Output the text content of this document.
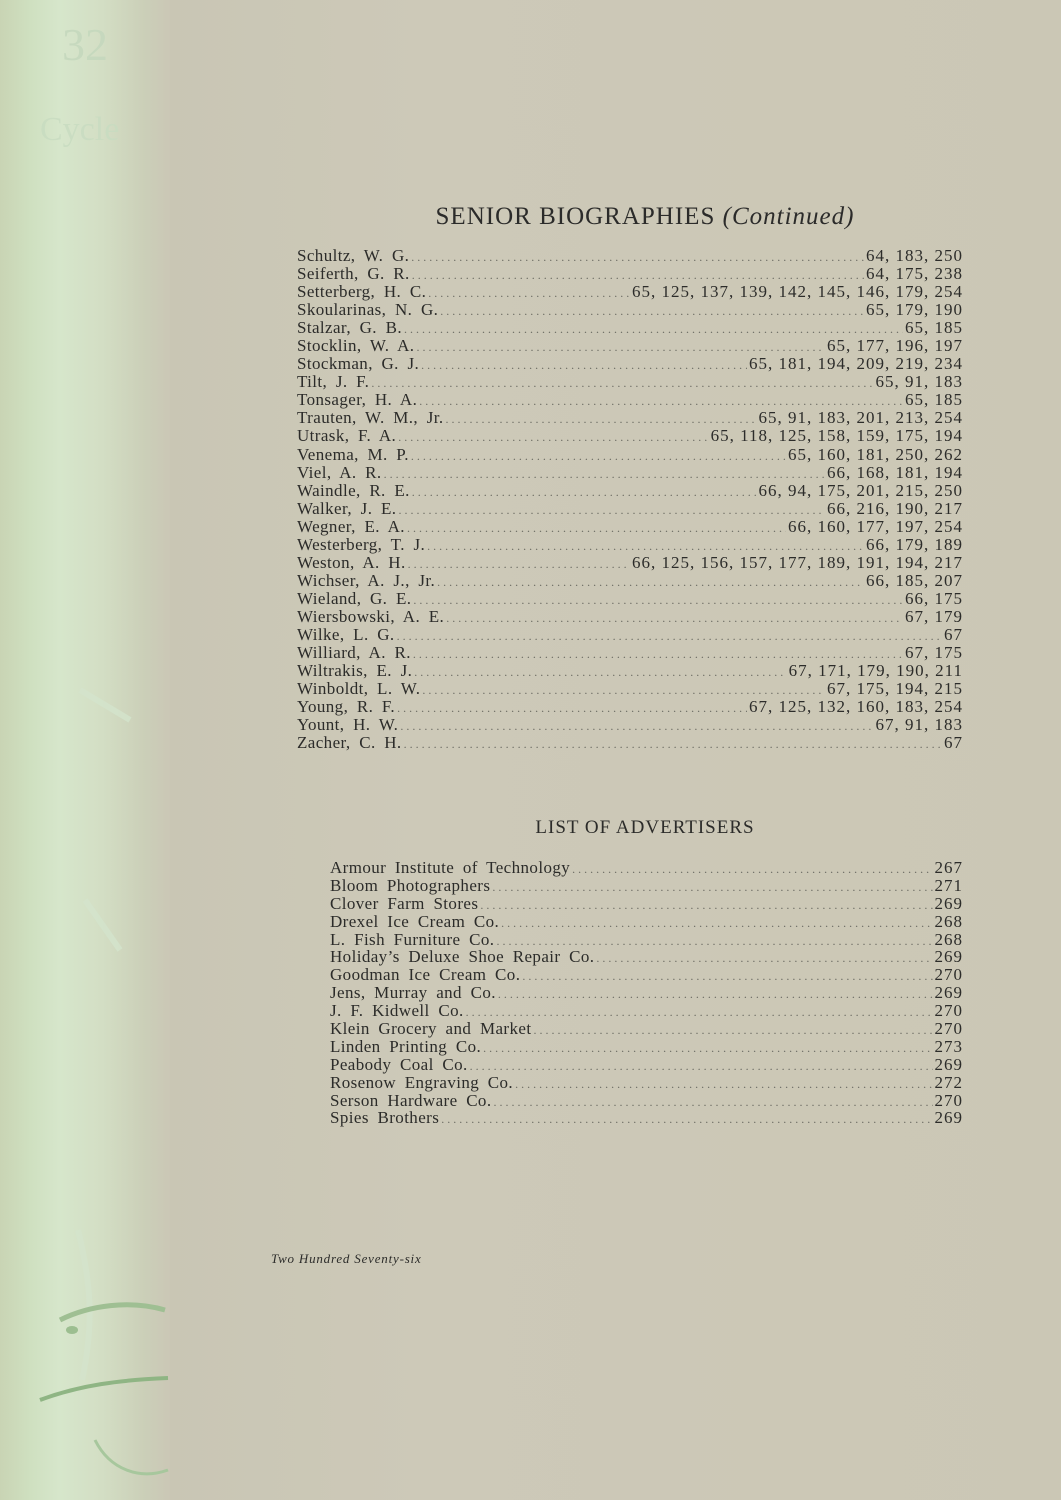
32
Cycle
SENIOR BIOGRAPHIES (Continued)
Schultz, W. G. . . .	64, 183, 250
Seiferth, G. R. . . .	64, 175, 238
Setterberg, H. C. . . .	65, 125, 137, 139, 142, 145, 146, 179, 254
Skoularinas, N. G. . . .	65, 179, 190
Stalzar, G. B. . . .	65, 185
Stocklin, W. A. . . .	65, 177, 196, 197
Stockman, G. J. . . .	65, 181, 194, 209, 219, 234
Tilt, J. F. . . .	65, 91, 183
Tonsager, H. A. . . .	65, 185
Trauten, W. M., Jr. . . .	65, 91, 183, 201, 213, 254
Utrask, F. A. . . .	65, 118, 125, 158, 159, 175, 194
Venema, M. P. . . .	65, 160, 181, 250, 262
Viel, A. R. . . .	66, 168, 181, 194
Waindle, R. E. . . .	66, 94, 175, 201, 215, 250
Walker, J. E. . . .	66, 216, 190, 217
Wegner, E. A. . . .	66, 160, 177, 197, 254
Westerberg, T. J. . . .	66, 179, 189
Weston, A. H. . . .	66, 125, 156, 157, 177, 189, 191, 194, 217
Wichser, A. J., Jr. . . .	66, 185, 207
Wieland, G. E. . . .	66, 175
Wiersbowski, A. E. . . .	67, 179
Wilke, L. G. . . .	67
Williard, A. R. . . .	67, 175
Wiltrakis, E. J. . . .	67, 171, 179, 190, 211
Winboldt, L. W. . . .	67, 175, 194, 215
Young, R. F. . . .	67, 125, 132, 160, 183, 254
Yount, H. W. . . .	67, 91, 183
Zacher, C. H. . . .	67
LIST OF ADVERTISERS
Armour Institute of Technology . . .	267
Bloom Photographers . . .	271
Clover Farm Stores . . .	269
Drexel Ice Cream Co. . . .	268
L. Fish Furniture Co. . . .	268
Holiday’s Deluxe Shoe Repair Co. . . .	269
Goodman Ice Cream Co. . . .	270
Jens, Murray and Co. . . .	269
J. F. Kidwell Co. . . .	270
Klein Grocery and Market . . .	270
Linden Printing Co. . . .	273
Peabody Coal Co. . . .	269
Rosenow Engraving Co. . . .	272
Serson Hardware Co. . . .	270
Spies Brothers . . .	269
Two Hundred Seventy-six
